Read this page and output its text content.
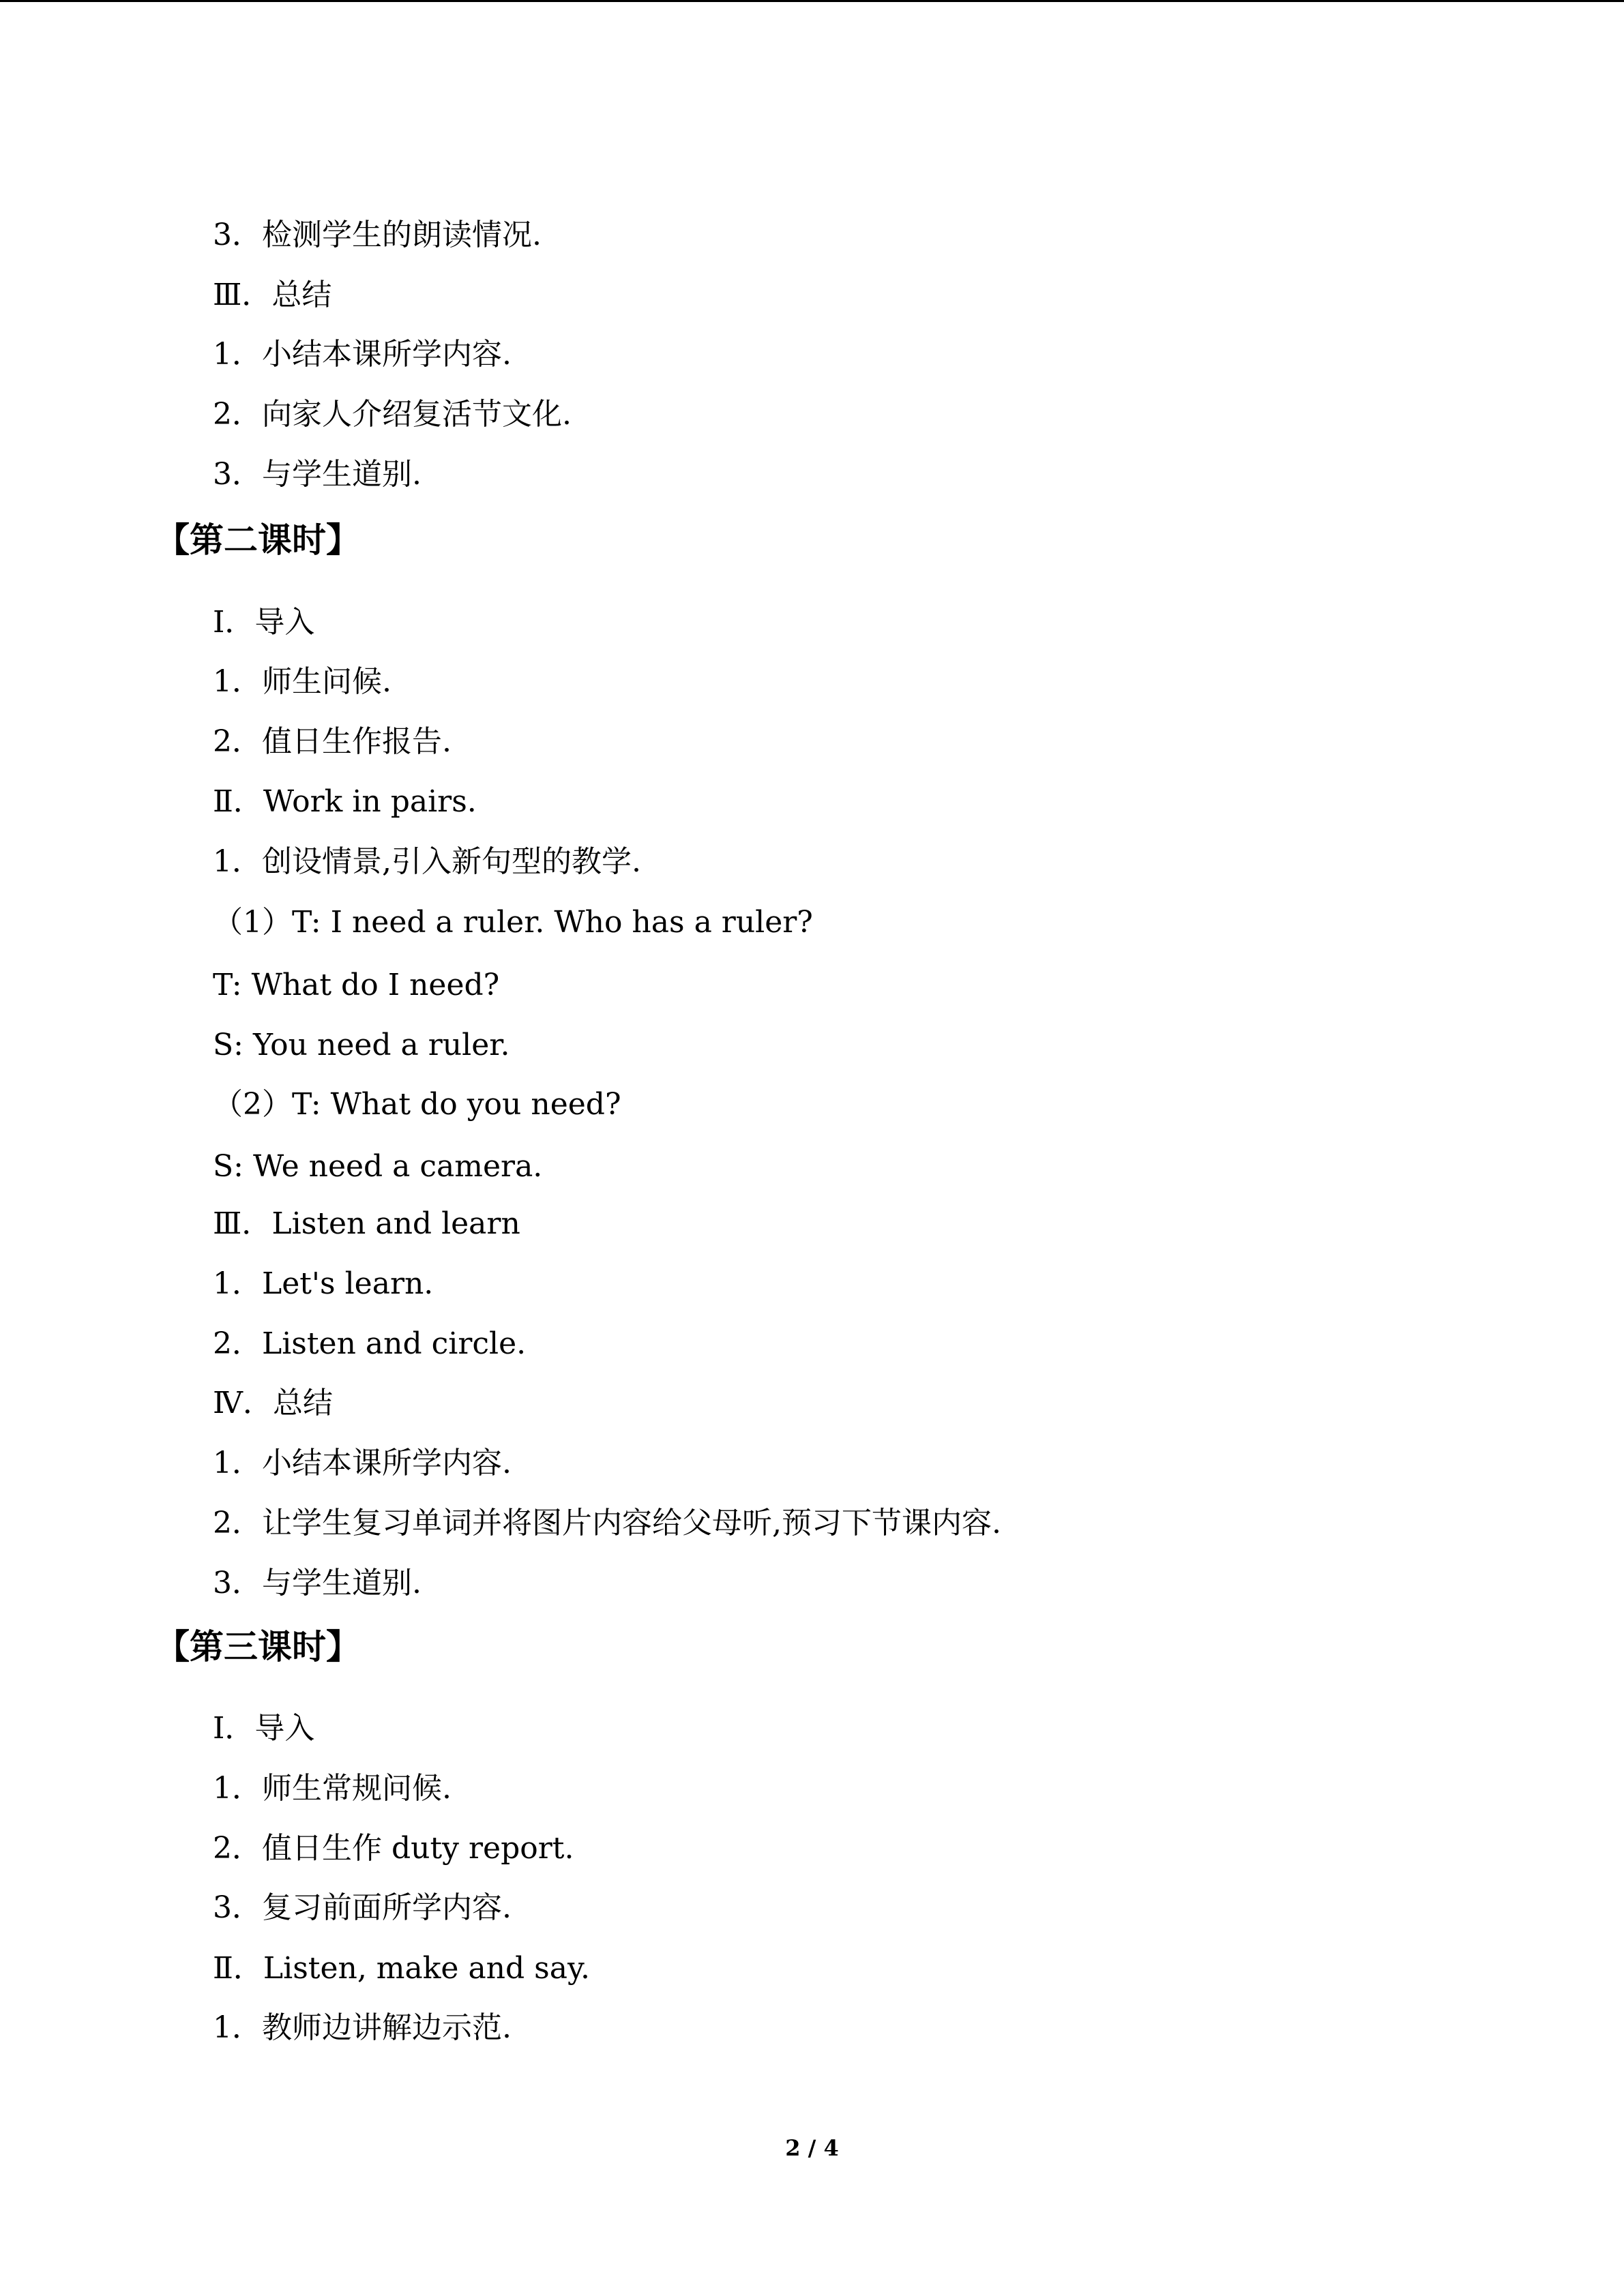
3．检测学生的朗读情况.
Ⅲ．总结
1．小结本课所学内容.
2．向家人介绍复活节文化.
3．与学生道别.
【第二课时】
Ⅰ．导入
1．师生问候.
2．值日生作报告.
Ⅱ．Work in pairs.
1．创设情景,引入新句型的教学.
（1）T: I need a ruler. Who has a ruler?
T: What do I need?
S: You need a ruler.
（2）T: What do you need?
S: We need a camera.
Ⅲ．Listen and learn
1．Let's learn.
2．Listen and circle.
Ⅳ．总结
1．小结本课所学内容.
2．让学生复习单词并将图片内容给父母听,预习下节课内容.
3．与学生道别.
【第三课时】
Ⅰ．导入
1．师生常规问候.
2．值日生作 duty report.
3．复习前面所学内容.
Ⅱ．Listen, make and say.
1．教师边讲解边示范.
2 / 4
